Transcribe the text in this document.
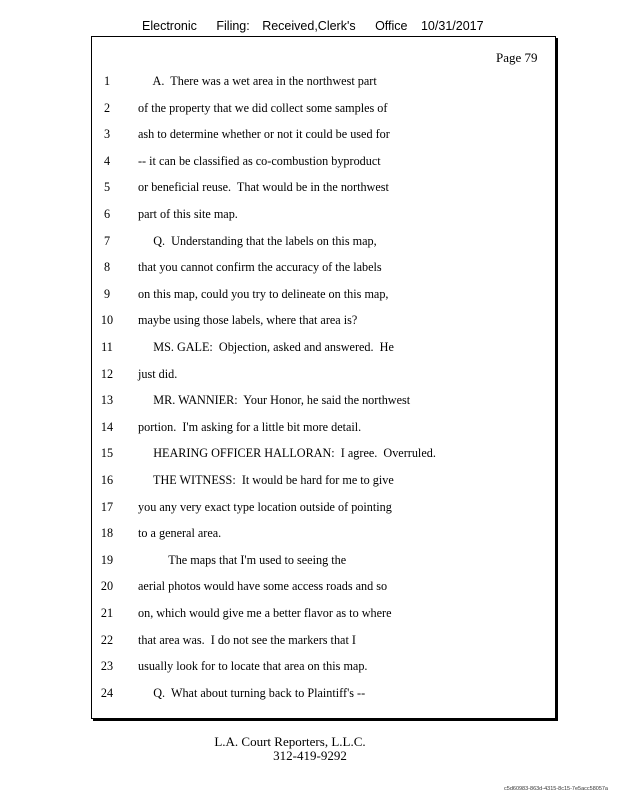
Electronic Filing: Received,Clerk's Office 10/31/2017
Page 79
1	A.  There was a wet area in the northwest part
2	of the property that we did collect some samples of
3	ash to determine whether or not it could be used for
4	-- it can be classified as co-combustion byproduct
5	or beneficial reuse.  That would be in the northwest
6	part of this site map.
7	Q.  Understanding that the labels on this map,
8	that you cannot confirm the accuracy of the labels
9	on this map, could you try to delineate on this map,
10	maybe using those labels, where that area is?
11	MS. GALE:  Objection, asked and answered.  He
12	just did.
13	MR. WANNIER:  Your Honor, he said the northwest
14	portion.  I'm asking for a little bit more detail.
15	HEARING OFFICER HALLORAN:  I agree.  Overruled.
16	THE WITNESS:  It would be hard for me to give
17	you any very exact type location outside of pointing
18	to a general area.
19	The maps that I'm used to seeing the
20	aerial photos would have some access roads and so
21	on, which would give me a better flavor as to where
22	that area was.  I do not see the markers that I
23	usually look for to locate that area on this map.
24	Q.  What about turning back to Plaintiff's --
L.A. Court Reporters, L.L.C.
312-419-9292
c5d60983-863d-4315-8c15-7e5acc58057a
